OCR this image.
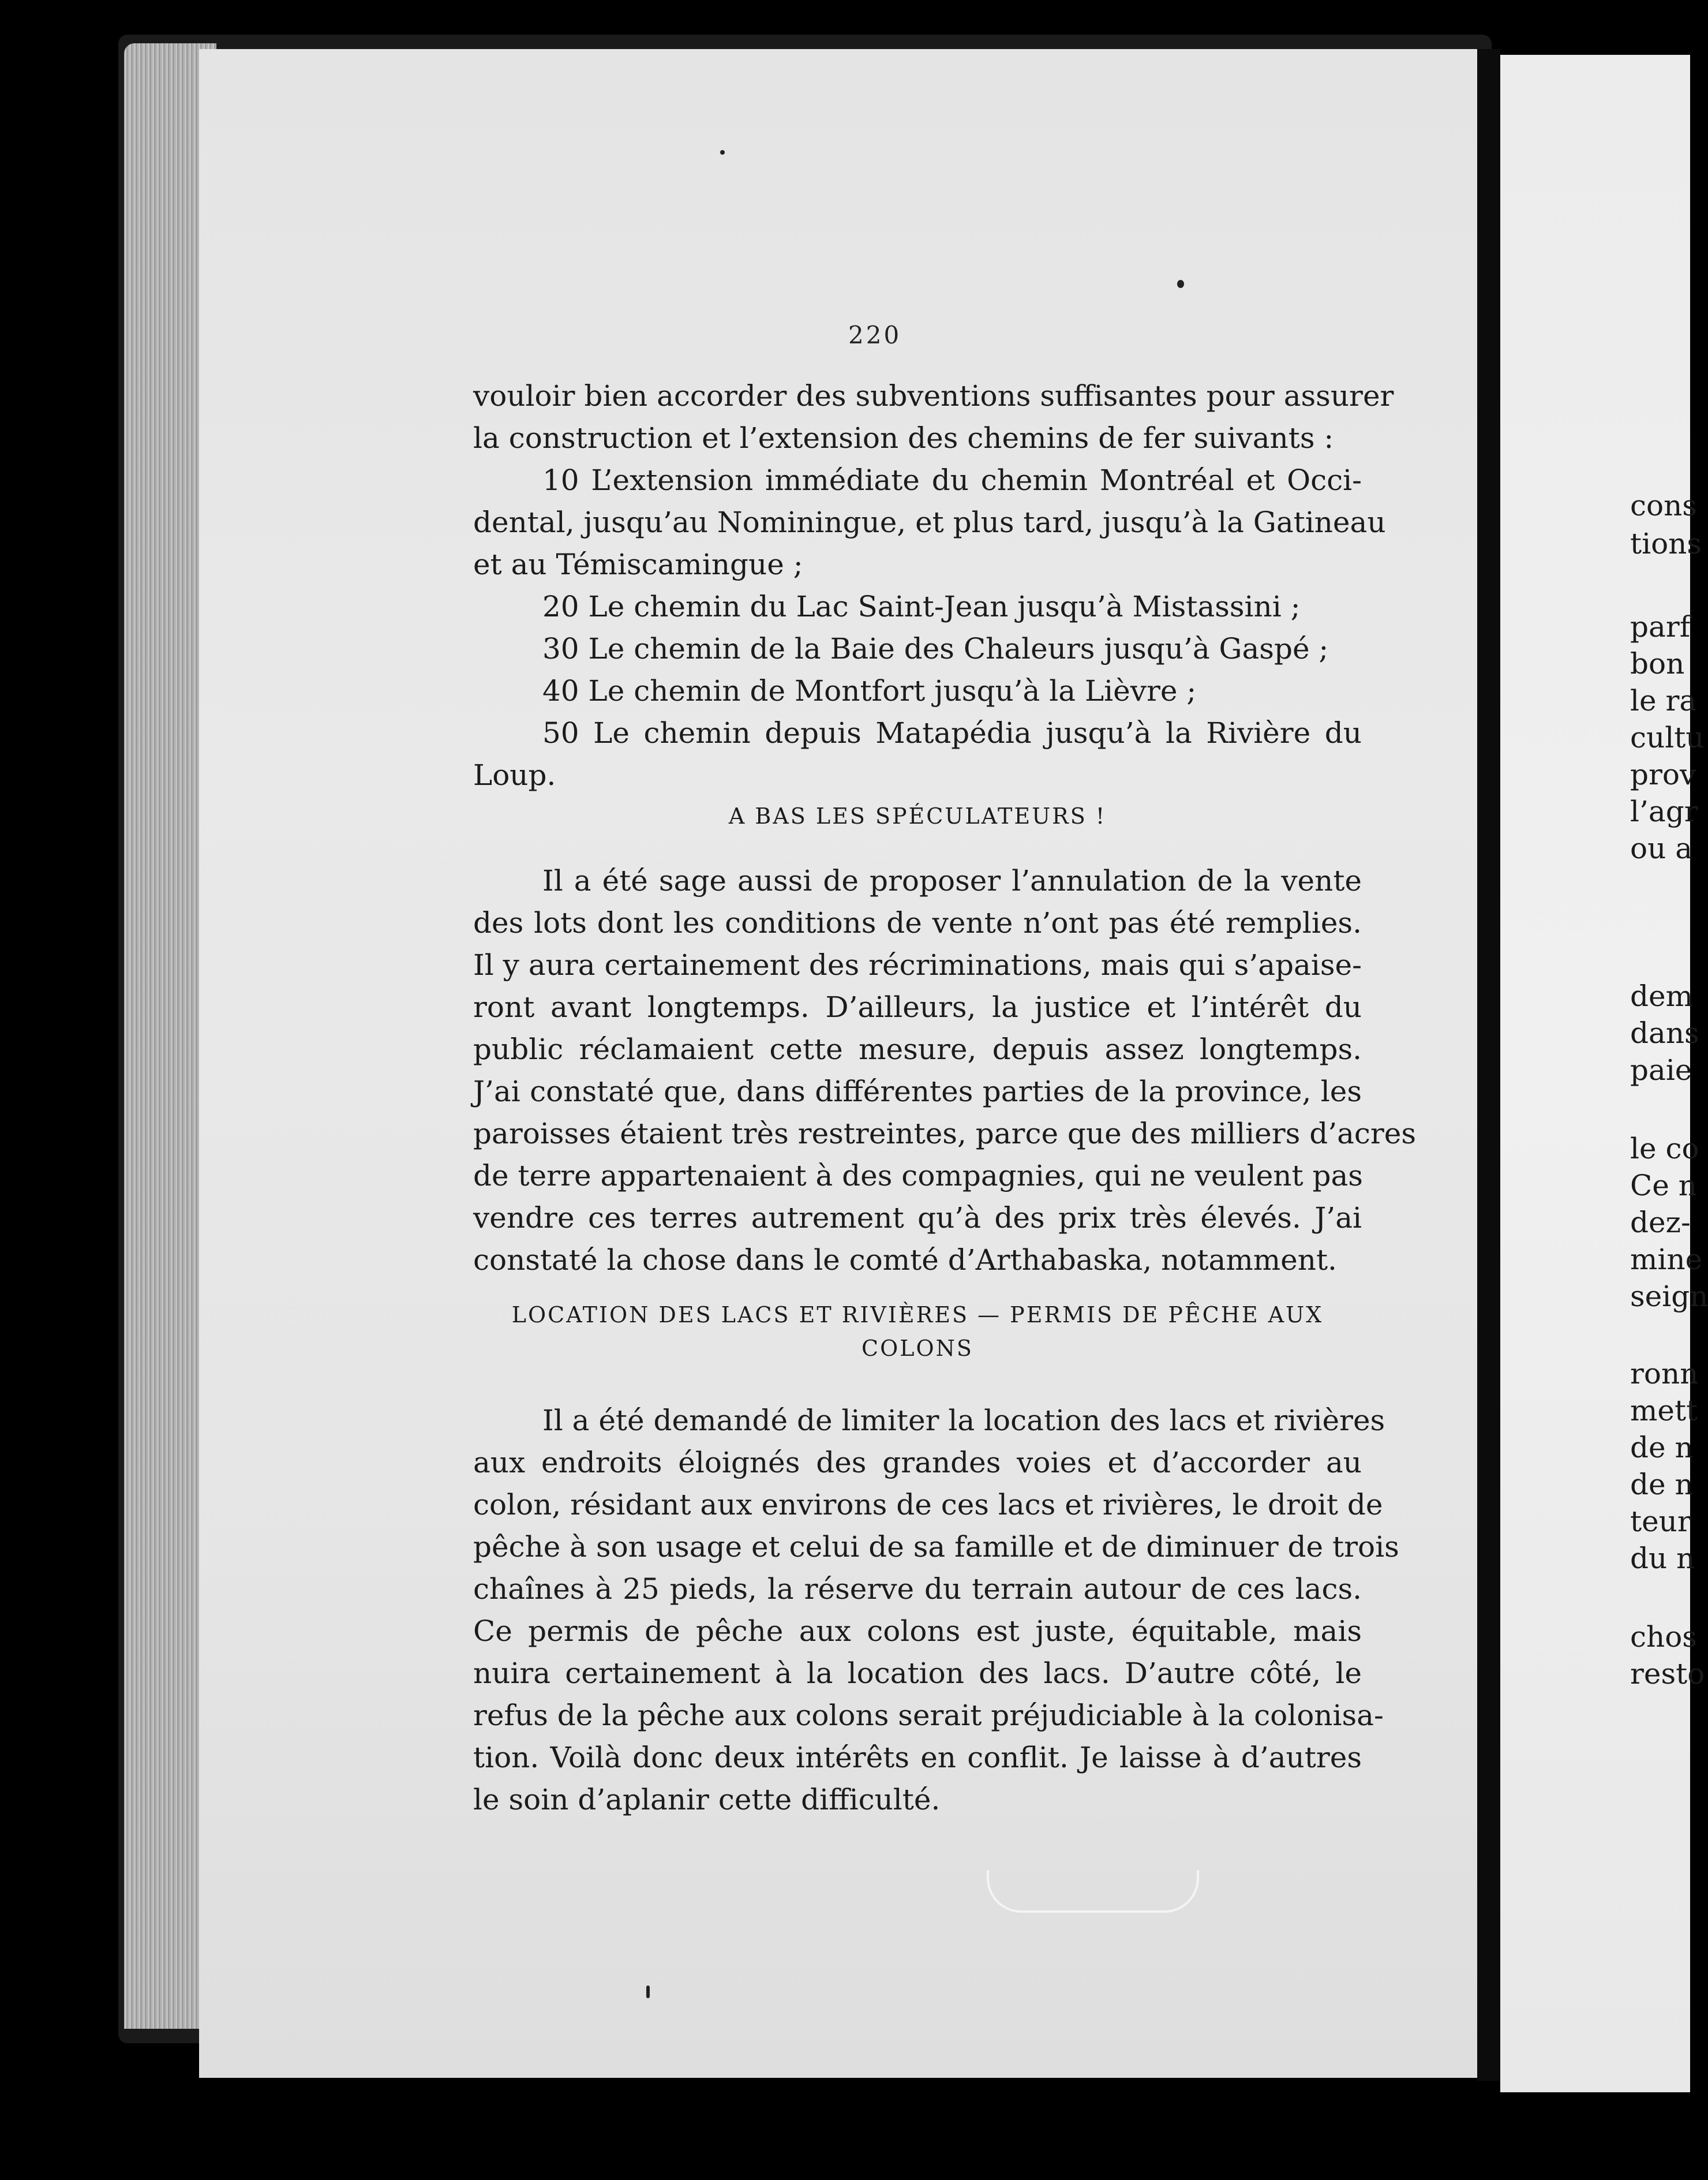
220
vouloir bien accorder des subventions suffisantes pour assurer
la construction et l’extension des chemins de fer suivants :
10 L’extension immédiate du chemin Montréal et Occi-
dental, jusqu’au Nominingue, et plus tard, jusqu’à la Gatineau
et au Témiscamingue ;
20 Le chemin du Lac Saint-Jean jusqu’à Mistassini ;
30 Le chemin de la Baie des Chaleurs jusqu’à Gaspé ;
40 Le chemin de Montfort jusqu’à la Lièvre ;
50 Le chemin depuis Matapédia jusqu’à la Rivière du
Loup.
A BAS LES SPÉCULATEURS !
Il a été sage aussi de proposer l’annulation de la vente
des lots dont les conditions de vente n’ont pas été remplies.
Il y aura certainement des récriminations, mais qui s’apaise-
ront avant longtemps. D’ailleurs, la justice et l’intérêt du
public réclamaient cette mesure, depuis assez longtemps.
J’ai constaté que, dans différentes parties de la province, les
paroisses étaient très restreintes, parce que des milliers d’acres
de terre appartenaient à des compagnies, qui ne veulent pas
vendre ces terres autrement qu’à des prix très élevés. J’ai
constaté la chose dans le comté d’Arthabaska, notamment.
LOCATION DES LACS ET RIVIÈRES — PERMIS DE PÊCHE AUX
COLONS
Il a été demandé de limiter la location des lacs et rivières
aux endroits éloignés des grandes voies et d’accorder au
colon, résidant aux environs de ces lacs et rivières, le droit de
pêche à son usage et celui de sa famille et de diminuer de trois
chaînes à 25 pieds, la réserve du terrain autour de ces lacs.
Ce permis de pêche aux colons est juste, équitable, mais
nuira certainement à la location des lacs. D’autre côté, le
refus de la pêche aux colons serait préjudiciable à la colonisa-
tion. Voilà donc deux intérêts en conflit. Je laisse à d’autres
le soin d’aplanir cette difficulté.
cons
tions
parf
bon
le ra
cultu
prov
l’agr
ou a
dem
dans
paie
le co
Ce n
dez-
mine
seign
ronn
mett
de n
de n
teur
du n
chos
resto
